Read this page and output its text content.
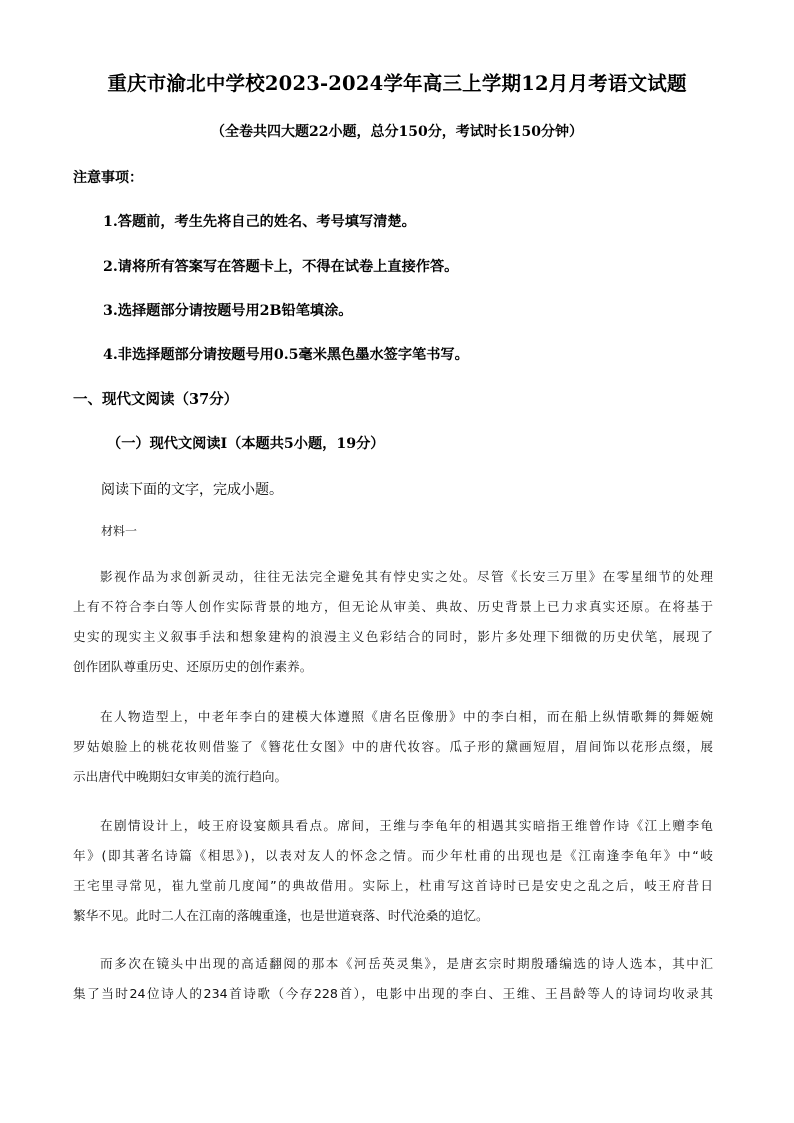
重庆市渝北中学校2023-2024学年高三上学期12月月考语文试题
（全卷共四大题22小题，总分150分，考试时长150分钟）
注意事项：
1.答题前，考生先将自己的姓名、考号填写清楚。
2.请将所有答案写在答题卡上，不得在试卷上直接作答。
3.选择题部分请按题号用2B铅笔填涂。
4.非选择题部分请按题号用0.5毫米黑色墨水签字笔书写。
一、现代文阅读（37分）
（一）现代文阅读Ⅰ（本题共5小题，19分）
阅读下面的文字，完成小题。
材料一
影视作品为求创新灵动，往往无法完全避免其有悖史实之处。尽管《长安三万里》在零星细节的处理
上有不符合李白等人创作实际背景的地方，但无论从审美、典故、历史背景上已力求真实还原。在将基于
史实的现实主义叙事手法和想象建构的浪漫主义色彩结合的同时，影片多处理下细微的历史伏笔，展现了
创作团队尊重历史、还原历史的创作素养。
在人物造型上，中老年李白的建模大体遵照《唐名臣像册》中的李白相，而在船上纵情歌舞的舞姬婉
罗姑娘脸上的桃花妆则借鉴了《簪花仕女图》中的唐代妆容。瓜子形的黛画短眉，眉间饰以花形点缀，展
示出唐代中晚期妇女审美的流行趋向。
在剧情设计上，岐王府设宴颇具看点。席间，王维与李龟年的相遇其实暗指王维曾作诗《江上赠李龟
年》(即其著名诗篇《相思》)，以表对友人的怀念之情。而少年杜甫的出现也是《江南逢李龟年》中“岐
王宅里寻常见，崔九堂前几度闻”的典故借用。实际上，杜甫写这首诗时已是安史之乱之后，岐王府昔日
繁华不见。此时二人在江南的落魄重逢，也是世道衰落、时代沧桑的追忆。
而多次在镜头中出现的高适翻阅的那本《河岳英灵集》，是唐玄宗时期殷璠编选的诗人选本，其中汇
集了当时24位诗人的234首诗歌（今存228首），电影中出现的李白、王维、王昌龄等人的诗词均收录其
